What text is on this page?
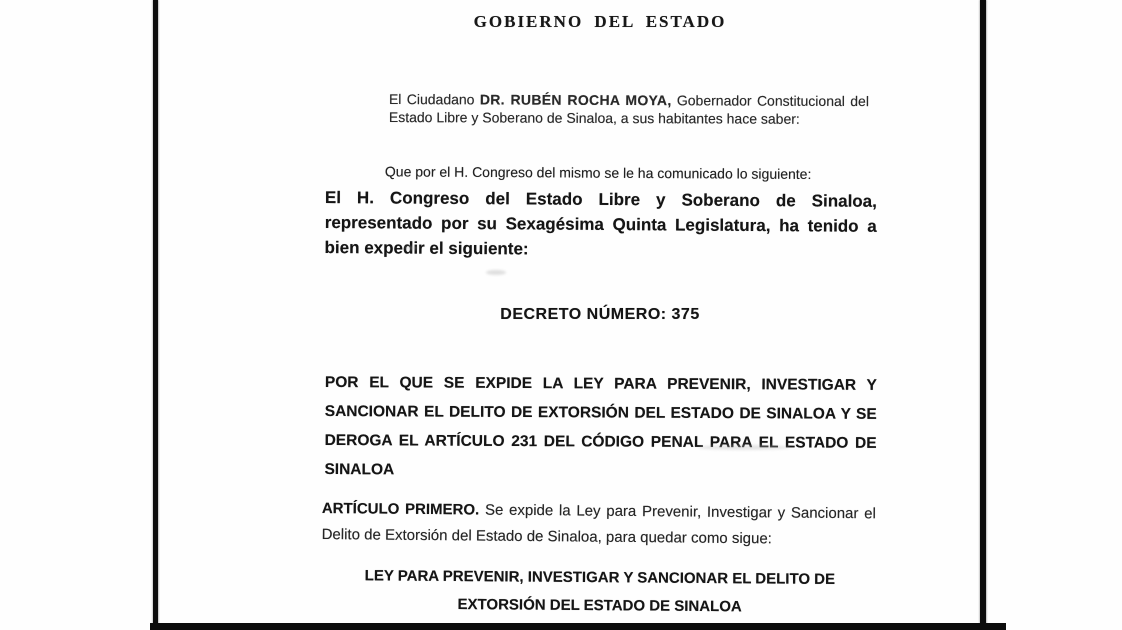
GOBIERNO DEL ESTADO

El Ciudadano DR. RUBÉN ROCHA MOYA, Gobernador Constitucional del Estado Libre y Soberano de Sinaloa, a sus habitantes hace saber:

Que por el H. Congreso del mismo se le ha comunicado lo siguiente:

El H. Congreso del Estado Libre y Soberano de Sinaloa, representado por su Sexagésima Quinta Legislatura, ha tenido a bien expedir el siguiente:

DECRETO NÚMERO: 375

POR EL QUE SE EXPIDE LA LEY PARA PREVENIR, INVESTIGAR Y SANCIONAR EL DELITO DE EXTORSIÓN DEL ESTADO DE SINALOA Y SE DEROGA EL ARTÍCULO 231 DEL CÓDIGO PENAL PARA EL ESTADO DE SINALOA

ARTÍCULO PRIMERO. Se expide la Ley para Prevenir, Investigar y Sancionar el Delito de Extorsión del Estado de Sinaloa, para quedar como sigue:

LEY PARA PREVENIR, INVESTIGAR Y SANCIONAR EL DELITO DE EXTORSIÓN DEL ESTADO DE SINALOA
